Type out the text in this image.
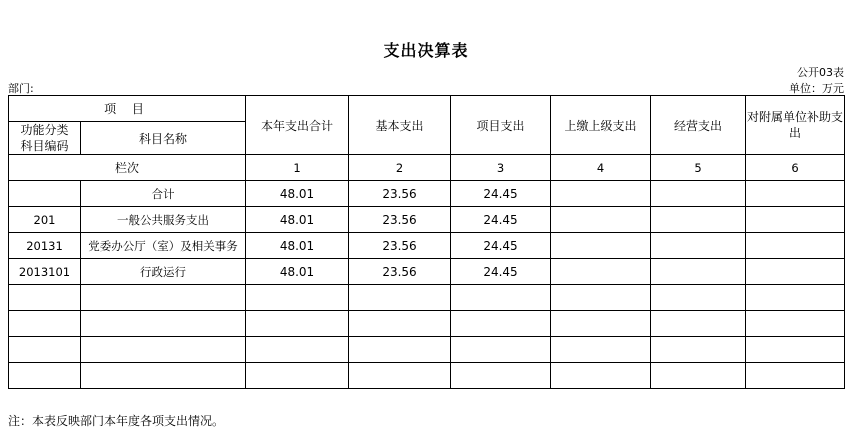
支出决算表
公开03表
部门:	单位：万元
项 目		本年支出合计	基本支出	项目支出	上缴上级支出	经营支出	对附属单位补助支出

功能分类
科目编码	科目名称						
栏次		1	2	3	4	5	6
	合计	48.01	23.56	24.45			
201	一般公共服务支出	48.01	23.56	24.45			
20131	党委办公厅（室）及相关事务	48.01	23.56	24.45			
2013101	行政运行	48.01	23.56	24.45			

注：本表反映部门本年度各项支出情况。
